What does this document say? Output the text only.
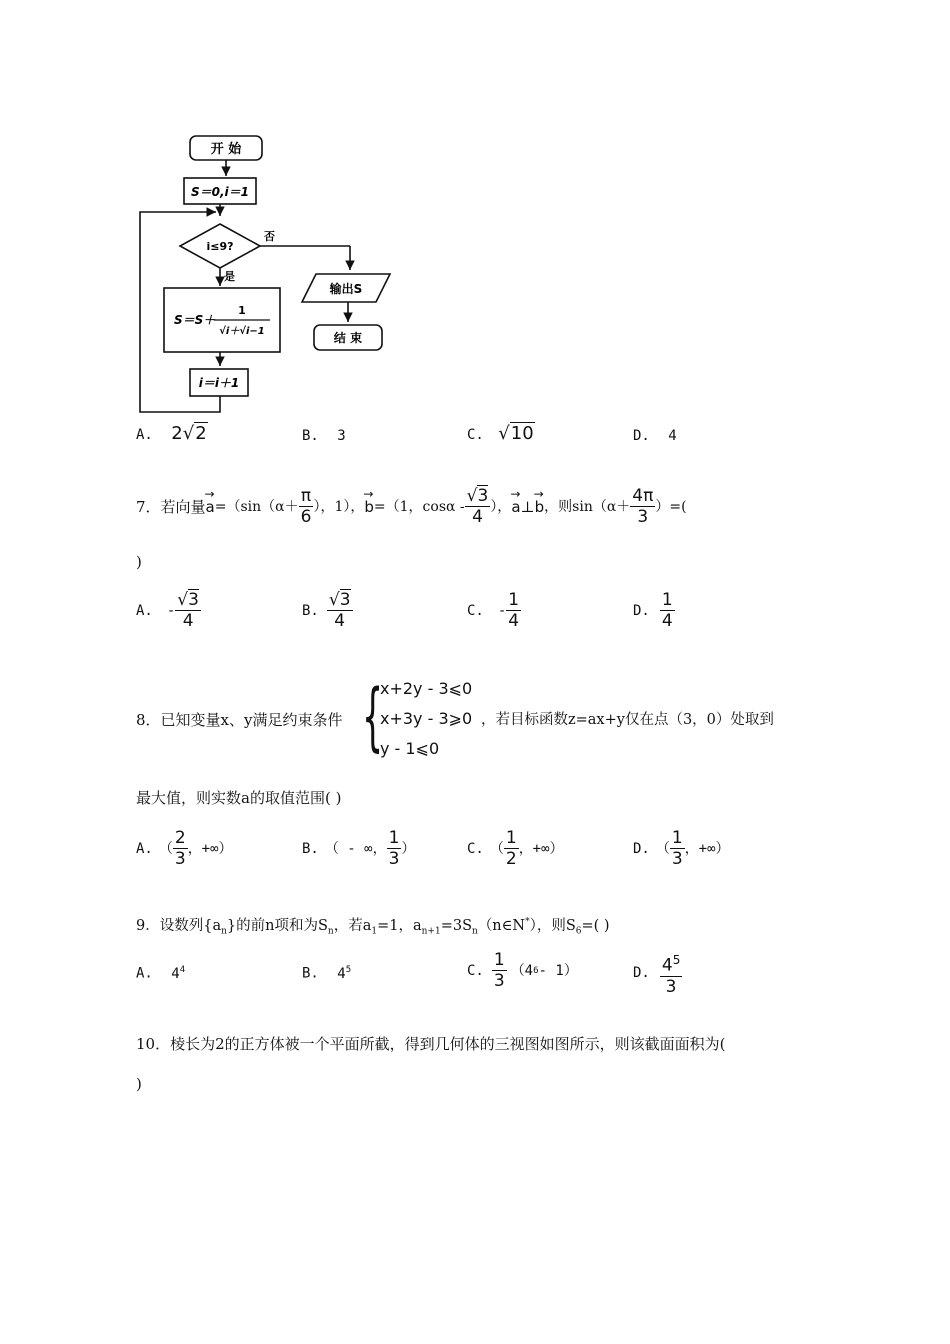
开 始
S＝0,i＝1
i≤9?
否
是
输出S
结 束
S＝S＋
1
√i＋√i−1
i＝i＋1
A. 2√2	B. 3	C. √10	D. 4
7．若向量 → $a =(\sin(\alpha+ \frac{\pi}{6}$ ），1）， → b =（1，cosα - $\frac{√3}{4}$ ）， → a ⊥ → b ，则$\sin(\alpha+ \frac{4\pi}{3}$ ）=(
)
A. - $\frac{√3}{4}$	B. $\frac{√3}{4}$	C. - $\frac{1}{4}$	D. $\frac{1}{4}$
8．已知变量x、y满足约束条件 {
x+2y - 3⩽0
x+3y - 3⩾0
y - 1⩽0
，若目标函数z=ax+y仅在点（3，0）处取到
最大值，则实数a的取值范围( )
A. （ $\frac{2}{3}$ ，+∞）	B. （ - ∞， $\frac{1}{3}$ ）	C. （ $\frac{1}{2}$ ，+∞）	D. （ $\frac{1}{3}$ ，+∞）
9．设数列$\{a_n\}$的前n项和为$S_n$，若$a_1=1$，$a_{n+1}=3S_n(n\in N^*)$，则$S_6=$( )
A. $4^4$	B. $4^5$	C. $\frac{1}{3} (4$ 6 - 1）	D. $\frac{4^5}{3}$
10．棱长为2的正方体被一个平面所截，得到几何体的三视图如图所示，则该截面面积为(
)
